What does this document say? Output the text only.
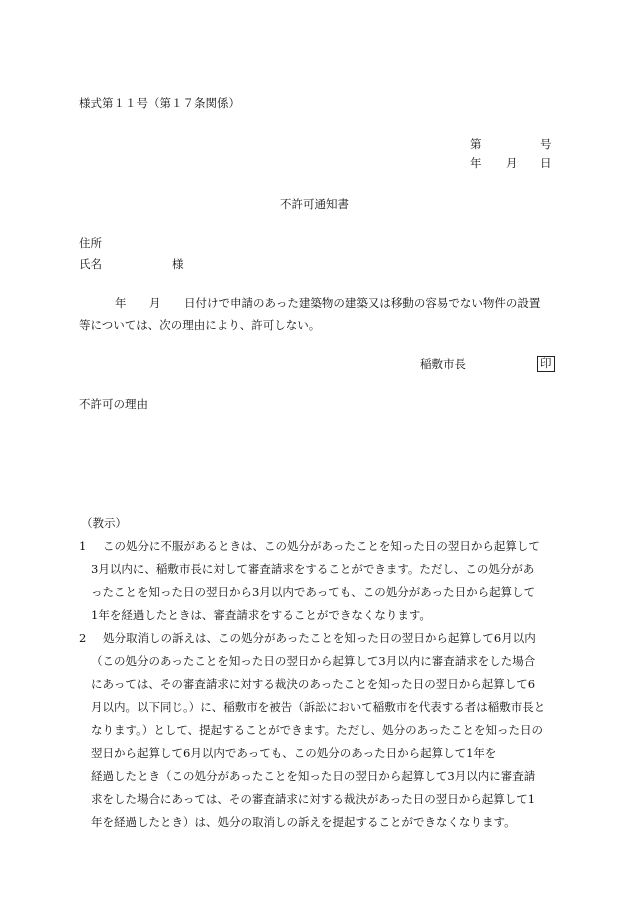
様式第１１号（第１７条関係）
第	号
年 月 日
不許可通知書
住所
氏名	様
年 月 日付けで申請のあった建築物の建築又は移動の容易でない物件の設置
等については、次の理由により、許可しない。
稲敷市長	印
不許可の理由
（教示）
1 この処分に不服があるときは、この処分があったことを知った日の翌日から起算して
3月以内に、稲敷市長に対して審査請求をすることができます。ただし、この処分があ
ったことを知った日の翌日から3月以内であっても、この処分があった日から起算して
1年を経過したときは、審査請求をすることができなくなります。
2 処分取消しの訴えは、この処分があったことを知った日の翌日から起算して6月以内
（この処分のあったことを知った日の翌日から起算して3月以内に審査請求をした場合
にあっては、その審査請求に対する裁決のあったことを知った日の翌日から起算して6
月以内。以下同じ。）に、稲敷市を被告（訴訟において稲敷市を代表する者は稲敷市長と
なります。）として、提起することができます。ただし、処分のあったことを知った日の
翌日から起算して6月以内であっても、この処分のあった日から起算して1年を
経過したとき（この処分があったことを知った日の翌日から起算して3月以内に審査請
求をした場合にあっては、その審査請求に対する裁決があった日の翌日から起算して1
年を経過したとき）は、処分の取消しの訴えを提起することができなくなります。
